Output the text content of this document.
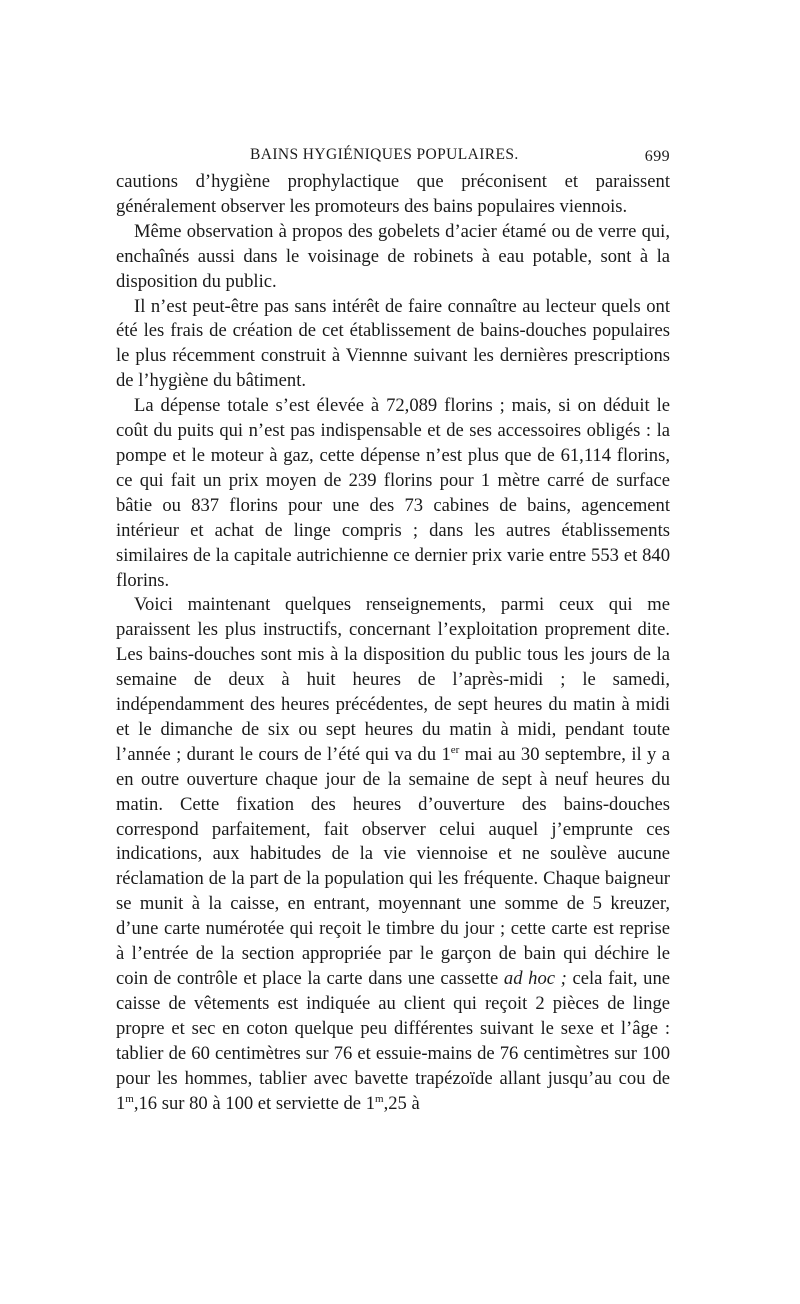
BAINS HYGIÉNIQUES POPULAIRES.	699

cautions d’hygiène prophylactique que préconisent et paraissent généralement observer les promoteurs des bains populaires viennois.

Même observation à propos des gobelets d’acier étamé ou de verre qui, enchaînés aussi dans le voisinage de robinets à eau potable, sont à la disposition du public.

Il n’est peut-être pas sans intérêt de faire connaître au lecteur quels ont été les frais de création de cet établissement de bains-douches populaires le plus récemment construit à Viennne suivant les dernières prescriptions de l’hygiène du bâtiment.

La dépense totale s’est élevée à 72,089 florins ; mais, si on déduit le coût du puits qui n’est pas indispensable et de ses accessoires obligés : la pompe et le moteur à gaz, cette dépense n’est plus que de 61,114 florins, ce qui fait un prix moyen de 239 florins pour 1 mètre carré de surface bâtie ou 837 florins pour une des 73 cabines de bains, agencement intérieur et achat de linge compris ; dans les autres établissements similaires de la capitale autrichienne ce dernier prix varie entre 553 et 840 florins.

Voici maintenant quelques renseignements, parmi ceux qui me paraissent les plus instructifs, concernant l’exploitation proprement dite. Les bains-douches sont mis à la disposition du public tous les jours de la semaine de deux à huit heures de l’après-midi ; le samedi, indépendamment des heures précédentes, de sept heures du matin à midi et le dimanche de six ou sept heures du matin à midi, pendant toute l’année ; durant le cours de l’été qui va du 1er mai au 30 septembre, il y a en outre ouverture chaque jour de la semaine de sept à neuf heures du matin. Cette fixation des heures d’ouverture des bains-douches correspond parfaitement, fait observer celui auquel j’emprunte ces indications, aux habitudes de la vie viennoise et ne soulève aucune réclamation de la part de la population qui les fréquente. Chaque baigneur se munit à la caisse, en entrant, moyennant une somme de 5 kreuzer, d’une carte numérotée qui reçoit le timbre du jour ; cette carte est reprise à l’entrée de la section appropriée par le garçon de bain qui déchire le coin de contrôle et place la carte dans une cassette ad hoc ; cela fait, une caisse de vêtements est indiquée au client qui reçoit 2 pièces de linge propre et sec en coton quelque peu différentes suivant le sexe et l’âge : tablier de 60 centimètres sur 76 et essuie-mains de 76 centimètres sur 100 pour les hommes, tablier avec bavette trapézoïde allant jusqu’au cou de 1$^m$,16 sur 80 à 100 et serviette de 1$^m$,25 à
